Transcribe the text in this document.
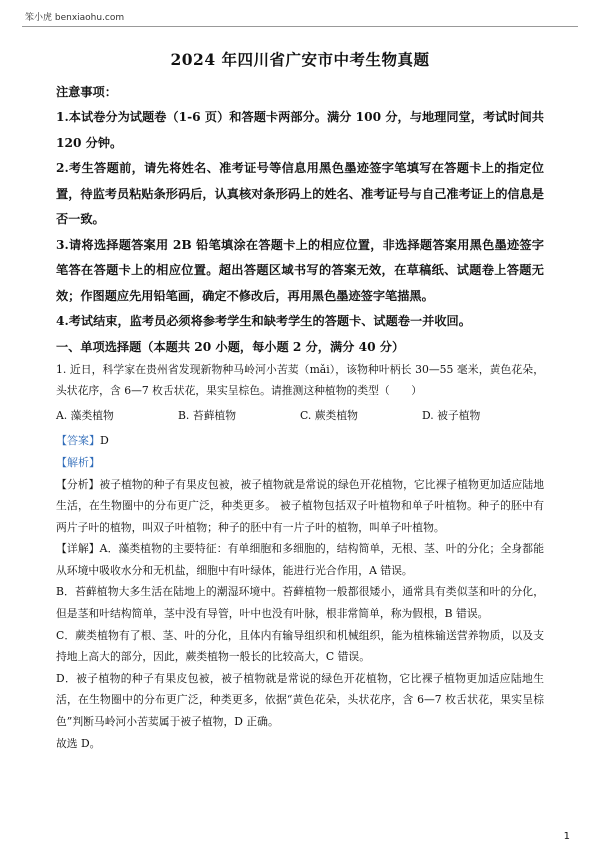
笨小虎 benxiaohu.com
2024 年四川省广安市中考生物真题

注意事项：

1.本试卷分为试题卷（1-6 页）和答题卡两部分。满分 100 分，与地理同堂，考试时间共 120 分钟。

2.考生答题前，请先将姓名、准考证号等信息用黑色墨迹签字笔填写在答题卡上的指定位置，待监考员粘贴条形码后，认真核对条形码上的姓名、准考证号与自己准考证上的信息是否一致。

3.请将选择题答案用 2B 铅笔填涂在答题卡上的相应位置，非选择题答案用黑色墨迹签字笔答在答题卡上的相应位置。超出答题区域书写的答案无效，在草稿纸、试题卷上答题无效；作图题应先用铅笔画，确定不修改后，再用黑色墨迹签字笔描黑。

4.考试结束，监考员必须将参考学生和缺考学生的答题卡、试题卷一并收回。

一、单项选择题（本题共 20 小题，每小题 2 分，满分 40 分）

1. 近日，科学家在贵州省发现新物种马岭河小苦荬（mǎi），该物种叶柄长 30—55 毫米，黄色花朵，头状花序，含 6—7 枚舌状花，果实呈棕色。请推测这种植物的类型（　　）

A. 藻类植物	B. 苔藓植物	C. 蕨类植物	D. 被子植物

【答案】D

【解析】

【分析】被子植物的种子有果皮包被，被子植物就是常说的绿色开花植物，它比裸子植物更加适应陆地生活，在生物圈中的分布更广泛，种类更多。 被子植物包括双子叶植物和单子叶植物。种子的胚中有两片子叶的植物，叫双子叶植物；种子的胚中有一片子叶的植物，叫单子叶植物。

【详解】A．藻类植物的主要特征：有单细胞和多细胞的，结构简单，无根、茎、叶的分化；全身都能从环境中吸收水分和无机盐，细胞中有叶绿体，能进行光合作用，A 错误。

B．苔藓植物大多生活在陆地上的潮湿环境中。苔藓植物一般都很矮小，通常具有类似茎和叶的分化，但是茎和叶结构简单，茎中没有导管，叶中也没有叶脉，根非常简单，称为假根，B 错误。

C．蕨类植物有了根、茎、叶的分化，且体内有输导组织和机械组织，能为植株输送营养物质，以及支持地上高大的部分，因此，蕨类植物一般长的比较高大，C 错误。

D．被子植物的种子有果皮包被，被子植物就是常说的绿色开花植物，它比裸子植物更加适应陆地生活，在生物圈中的分布更广泛，种类更多，依据“黄色花朵，头状花序，含 6—7 枚舌状花，果实呈棕色”判断马岭河小苦荬属于被子植物，D 正确。

故选 D。

1
